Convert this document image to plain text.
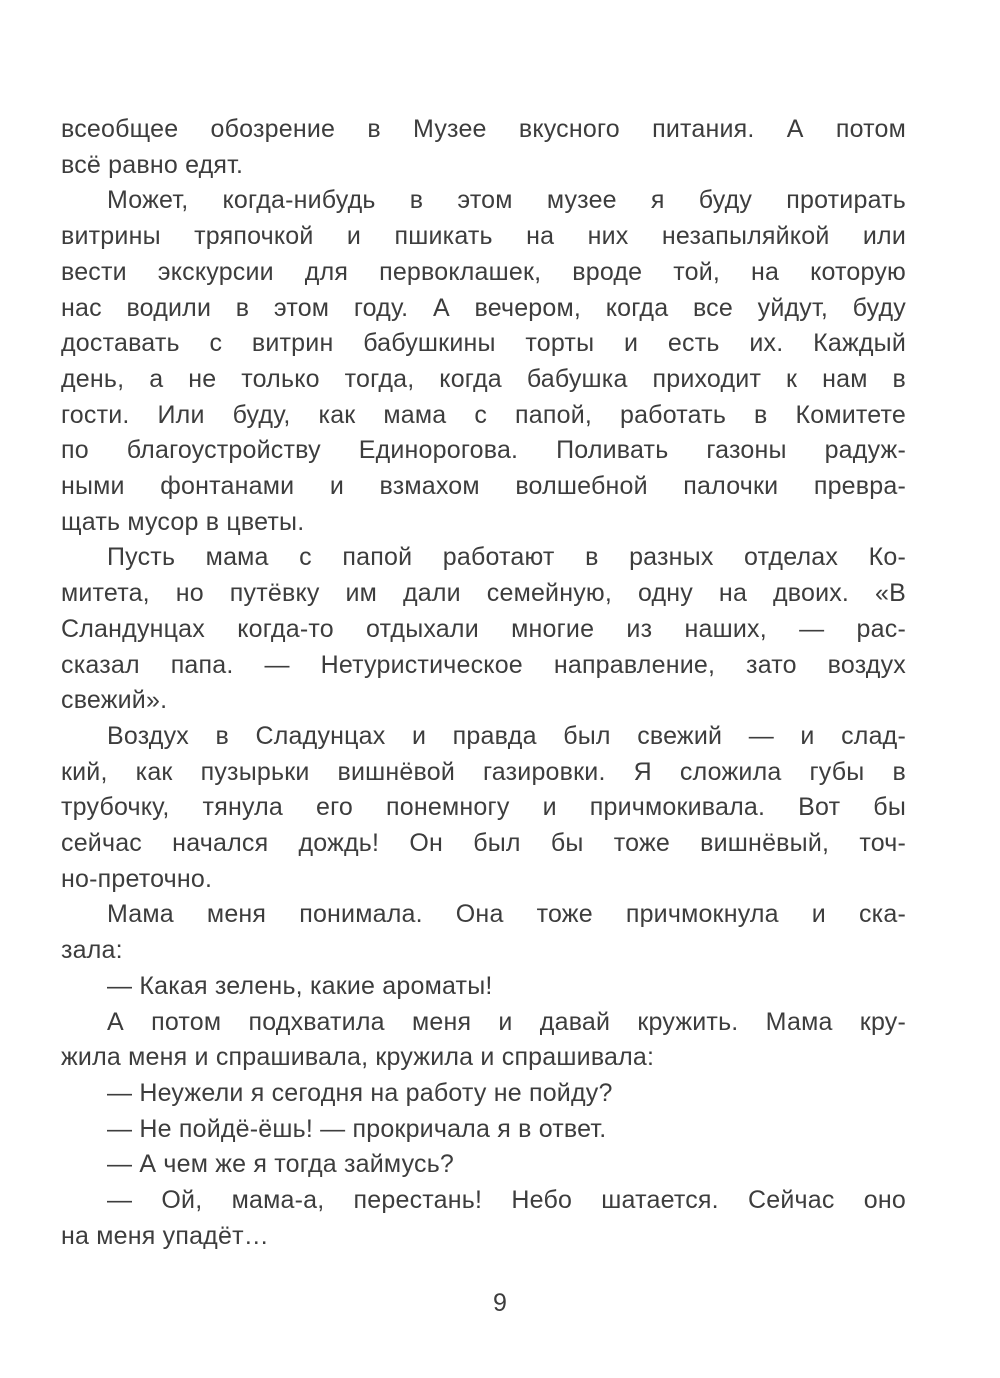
всеобщее обозрение в Музее вкусного питания. А потом
всё равно едят.
Может, когда-нибудь в этом музее я буду протирать
витрины тряпочкой и пшикать на них незапыляйкой или
вести экскурсии для первоклашек, вроде той, на которую
нас водили в этом году. А вечером, когда все уйдут, буду
доставать с витрин бабушкины торты и есть их. Каждый
день, а не только тогда, когда бабушка приходит к нам в
гости. Или буду, как мама с папой, работать в Комитете
по благоустройству Единорогова. Поливать газоны радуж-
ными фонтанами и взмахом волшебной палочки превра-
щать мусор в цветы.
Пусть мама с папой работают в разных отделах Ко-
митета, но путёвку им дали семейную, одну на двоих. «В
Сландунцах когда-то отдыхали многие из наших, — рас-
сказал папа. — Нетуристическое направление, зато воздух
свежий».
Воздух в Сладунцах и правда был свежий — и слад-
кий, как пузырьки вишнёвой газировки. Я сложила губы в
трубочку, тянула его понемногу и причмокивала. Вот бы
сейчас начался дождь! Он был бы тоже вишнёвый, точ-
но-преточно.
Мама меня понимала. Она тоже причмокнула и ска-
зала:
— Какая зелень, какие ароматы!
А потом подхватила меня и давай кружить. Мама кру-
жила меня и спрашивала, кружила и спрашивала:
— Неужели я сегодня на работу не пойду?
— Не пойдё-ёшь! — прокричала я в ответ.
— А чем же я тогда займусь?
— Ой, мама-а, перестань! Небо шатается. Сейчас оно
на меня упадёт…
9
